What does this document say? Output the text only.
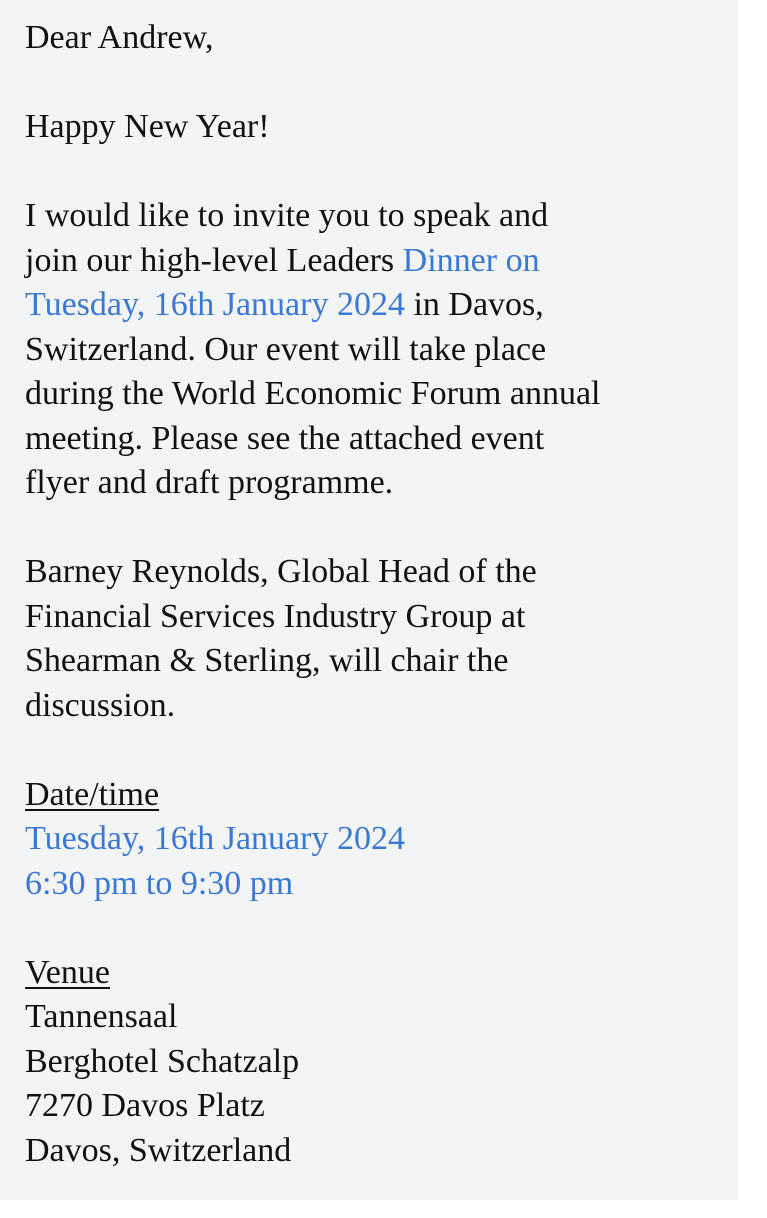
Dear Andrew,

Happy New Year!

I would like to invite you to speak and
join our high-level Leaders Dinner on
Tuesday, 16th January 2024 in Davos,
Switzerland. Our event will take place
during the World Economic Forum annual
meeting. Please see the attached event
flyer and draft programme.

Barney Reynolds, Global Head of the
Financial Services Industry Group at
Shearman & Sterling, will chair the
discussion.

Date/time
Tuesday, 16th January 2024
6:30 pm to 9:30 pm

Venue
Tannensaal
Berghotel Schatzalp
7270 Davos Platz
Davos, Switzerland
